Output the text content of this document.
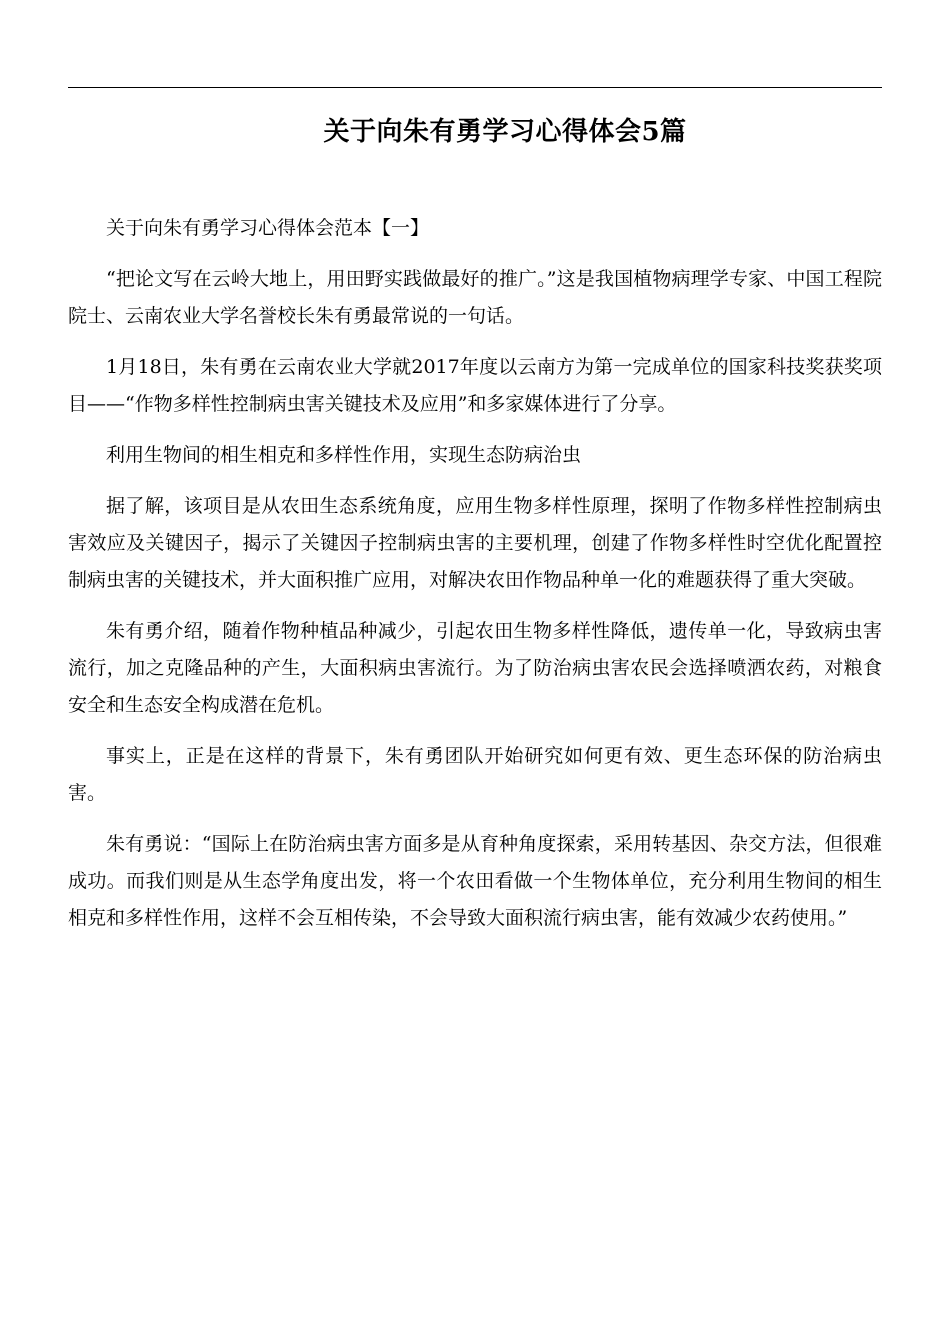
关于向朱有勇学习心得体会5篇

关于向朱有勇学习心得体会范本【一】

“把论文写在云岭大地上，用田野实践做最好的推广。”这是我国植物病理学专家、中国工程院院士、云南农业大学名誉校长朱有勇最常说的一句话。

1月18日，朱有勇在云南农业大学就2017年度以云南方为第一完成单位的国家科技奖获奖项目——“作物多样性控制病虫害关键技术及应用”和多家媒体进行了分享。

利用生物间的相生相克和多样性作用，实现生态防病治虫

据了解，该项目是从农田生态系统角度，应用生物多样性原理，探明了作物多样性控制病虫害效应及关键因子，揭示了关键因子控制病虫害的主要机理，创建了作物多样性时空优化配置控制病虫害的关键技术，并大面积推广应用，对解决农田作物品种单一化的难题获得了重大突破。

朱有勇介绍，随着作物种植品种减少，引起农田生物多样性降低，遗传单一化，导致病虫害流行，加之克隆品种的产生，大面积病虫害流行。为了防治病虫害农民会选择喷洒农药，对粮食安全和生态安全构成潜在危机。

事实上，正是在这样的背景下，朱有勇团队开始研究如何更有效、更生态环保的防治病虫害。

朱有勇说：“国际上在防治病虫害方面多是从育种角度探索，采用转基因、杂交方法，但很难成功。而我们则是从生态学角度出发，将一个农田看做一个生物体单位，充分利用生物间的相生相克和多样性作用，这样不会互相传染，不会导致大面积流行病虫害，能有效减少农药使用。”
